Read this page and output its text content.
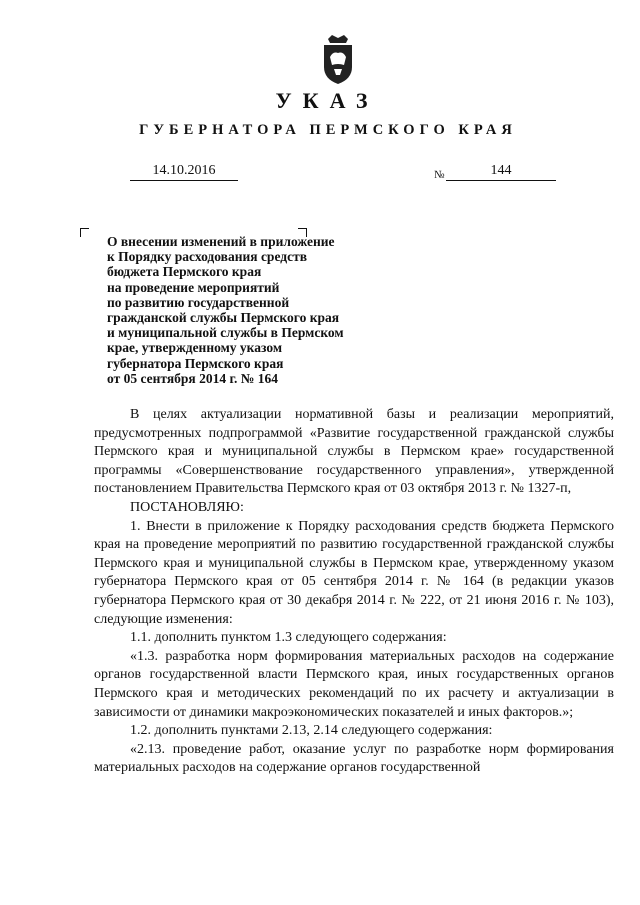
УКАЗ
ГУБЕРНАТОРА ПЕРМСКОГО КРАЯ
14.10.2016	№	144
О внесении изменений в приложение
к Порядку расходования средств
бюджета Пермского края
на проведение мероприятий
по развитию государственной
гражданской службы Пермского края
и муниципальной службы в Пермском
крае, утвержденному указом
губернатора Пермского края
от 05 сентября 2014 г. № 164

В целях актуализации нормативной базы и реализации мероприятий, предусмотренных подпрограммой «Развитие государственной гражданской службы Пермского края и муниципальной службы в Пермском крае» государственной программы «Совершенствование государственного управления», утвержденной постановлением Правительства Пермского края от 03 октября 2013 г. № 1327-п,

ПОСТАНОВЛЯЮ:

1. Внести в приложение к Порядку расходования средств бюджета Пермского края на проведение мероприятий по развитию государственной гражданской службы Пермского края и муниципальной службы в Пермском крае, утвержденному указом губернатора Пермского края от 05 сентября 2014 г. № 164 (в редакции указов губернатора Пермского края от 30 декабря 2014 г. № 222, от 21 июня 2016 г. № 103), следующие изменения:

1.1. дополнить пунктом 1.3 следующего содержания:

«1.3. разработка норм формирования материальных расходов на содержание органов государственной власти Пермского края, иных государственных органов Пермского края и методических рекомендаций по их расчету и актуализации в зависимости от динамики макроэкономических показателей и иных факторов.»;

1.2. дополнить пунктами 2.13, 2.14 следующего содержания:

«2.13. проведение работ, оказание услуг по разработке норм формирования материальных расходов на содержание органов государственной
